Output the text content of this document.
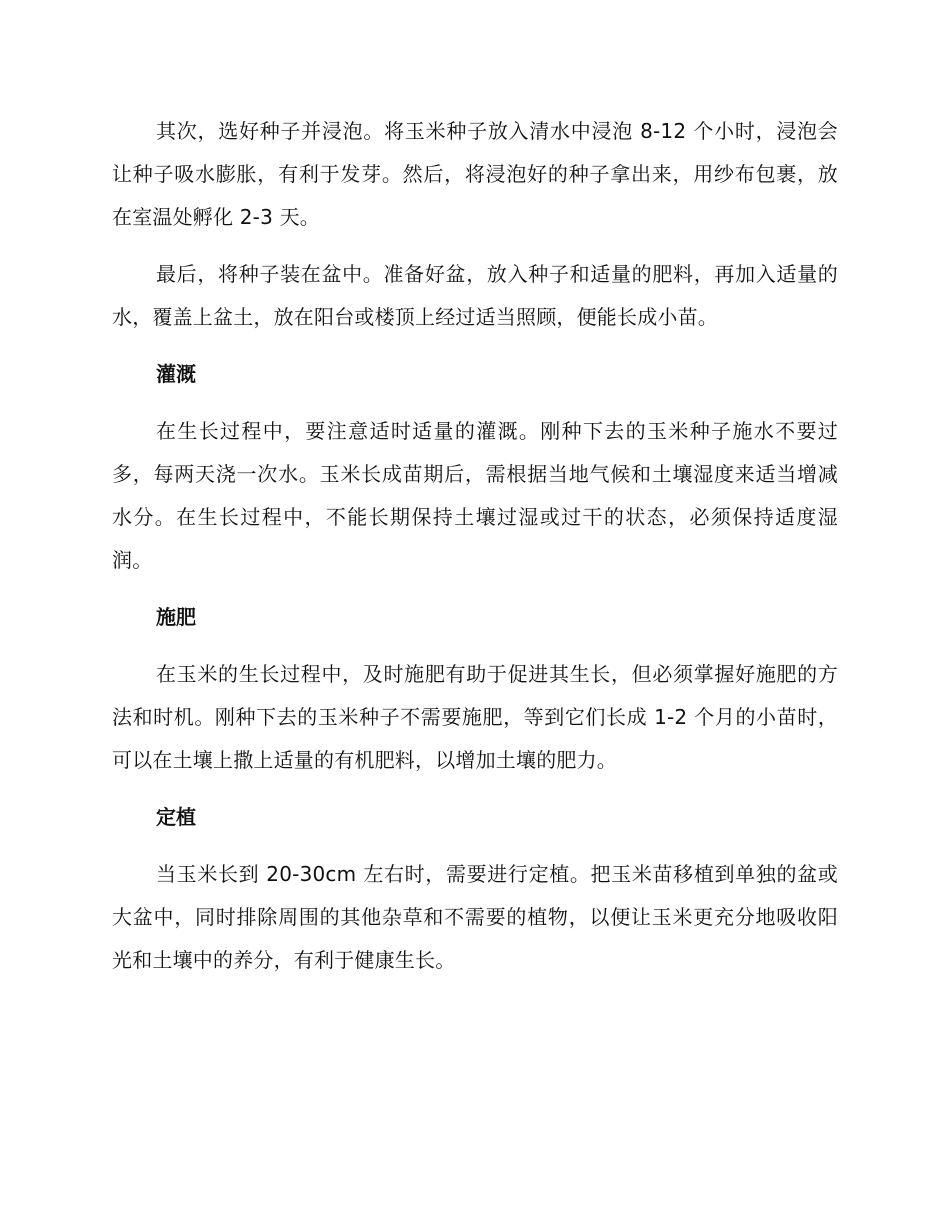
其次，选好种子并浸泡。将玉米种子放入清水中浸泡 8-12 个小时，浸泡会让种子吸水膨胀，有利于发芽。然后，将浸泡好的种子拿出来，用纱布包裹，放在室温处孵化 2-3 天。

最后，将种子装在盆中。准备好盆，放入种子和适量的肥料，再加入适量的水，覆盖上盆土，放在阳台或楼顶上经过适当照顾，便能长成小苗。

灌溉

在生长过程中，要注意适时适量的灌溉。刚种下去的玉米种子施水不要过多，每两天浇一次水。玉米长成苗期后，需根据当地气候和土壤湿度来适当增减水分。在生长过程中，不能长期保持土壤过湿或过干的状态，必须保持适度湿润。

施肥

在玉米的生长过程中，及时施肥有助于促进其生长，但必须掌握好施肥的方法和时机。刚种下去的玉米种子不需要施肥，等到它们长成 1-2 个月的小苗时，可以在土壤上撒上适量的有机肥料，以增加土壤的肥力。

定植

当玉米长到 20-30cm 左右时，需要进行定植。把玉米苗移植到单独的盆或大盆中，同时排除周围的其他杂草和不需要的植物，以便让玉米更充分地吸收阳光和土壤中的养分，有利于健康生长。
